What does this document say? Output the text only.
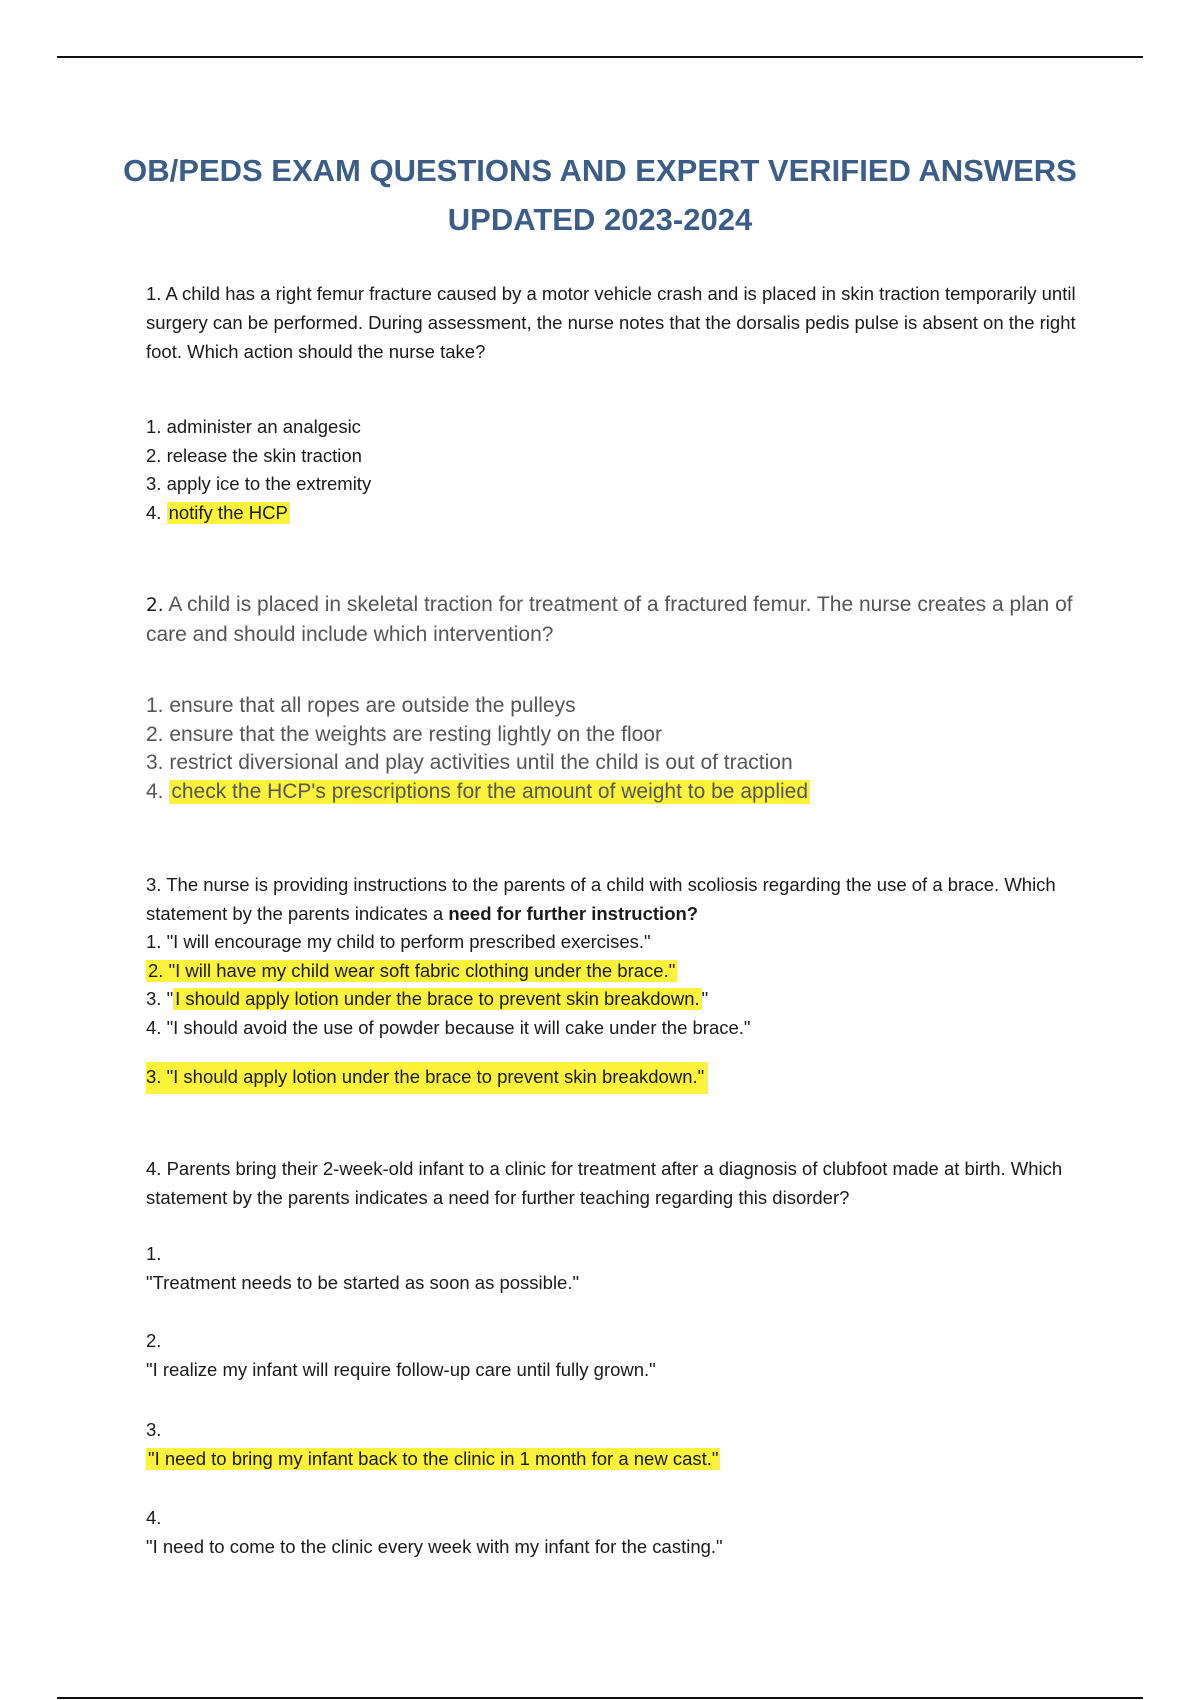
OB/PEDS EXAM QUESTIONS AND EXPERT VERIFIED ANSWERS
UPDATED 2023-2024

1. A child has a right femur fracture caused by a motor vehicle crash and is placed in skin traction temporarily until surgery can be performed. During assessment, the nurse notes that the dorsalis pedis pulse is absent on the right foot. Which action should the nurse take?

1. administer an analgesic

2. release the skin traction

3. apply ice to the extremity

4. notify the HCP

2. A child is placed in skeletal traction for treatment of a fractured femur. The nurse creates a plan of care and should include which intervention?

1. ensure that all ropes are outside the pulleys

2. ensure that the weights are resting lightly on the floor

3. restrict diversional and play activities until the child is out of traction

4. check the HCP's prescriptions for the amount of weight to be applied

3. The nurse is providing instructions to the parents of a child with scoliosis regarding the use of a brace. Which statement by the parents indicates a need for further instruction?

1. "I will encourage my child to perform prescribed exercises."

2. "I will have my child wear soft fabric clothing under the brace."

3. " I should apply lotion under the brace to prevent skin breakdown. "

4. "I should avoid the use of powder because it will cake under the brace."

3. "I should apply lotion under the brace to prevent skin breakdown."

4. Parents bring their 2-week-old infant to a clinic for treatment after a diagnosis of clubfoot made at birth. Which statement by the parents indicates a need for further teaching regarding this disorder?

1.

"Treatment needs to be started as soon as possible."

2.

"I realize my infant will require follow-up care until fully grown."

3.

"I need to bring my infant back to the clinic in 1 month for a new cast."

4.

"I need to come to the clinic every week with my infant for the casting."
